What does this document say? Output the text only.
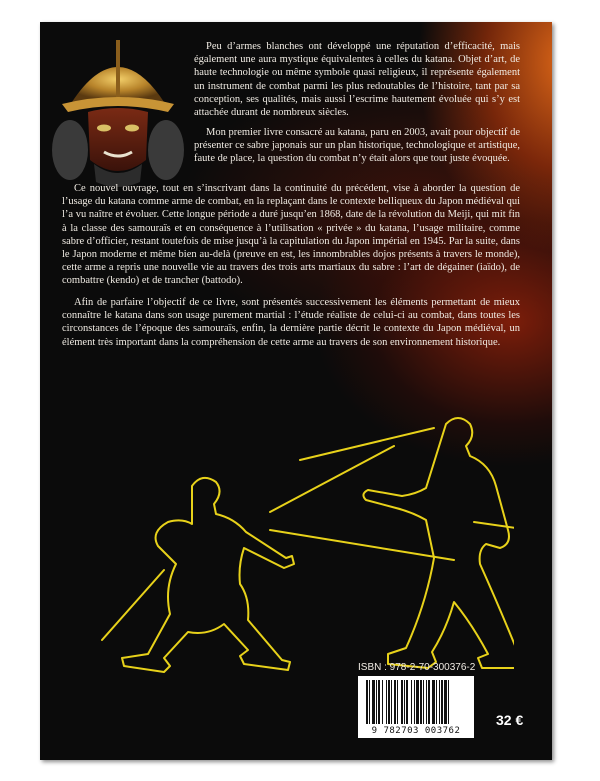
Peu d’armes blanches ont développé une réputation d’efficacité, mais également une aura mystique équivalentes à celles du katana. Objet d’art, de haute technologie ou même symbole quasi religieux, il représente également un instrument de combat parmi les plus redoutables de l’histoire, tant par sa conception, ses qualités, mais aussi l’escrime hautement évoluée qui s’y est attachée durant de nombreux siècles.

Mon premier livre consacré au katana, paru en 2003, avait pour objectif de présenter ce sabre japonais sur un plan historique, technologique et artistique, faute de place, la question du combat n’y était alors que tout juste évoquée.

Ce nouvel ouvrage, tout en s’inscrivant dans la continuité du précédent, vise à aborder la question de l’usage du katana comme arme de combat, en la replaçant dans le contexte belliqueux du Japon médiéval qui l’a vu naître et évoluer. Cette longue période a duré jusqu’en 1868, date de la révolution du Meiji, qui mit fin à la classe des samouraïs et en conséquence à l’utilisation « privée » du katana, l’usage militaire, comme sabre d’officier, restant toutefois de mise jusqu’à la capitulation du Japon impérial en 1945. Par la suite, dans le Japon moderne et même bien au-delà (preuve en est, les innombrables dojos présents à travers le monde), cette arme a repris une nouvelle vie au travers des trois arts martiaux du sabre : l’art de dégainer (iaïdo), de combattre (kendo) et de trancher (battodo).

Afin de parfaire l’objectif de ce livre, sont présentés successivement les éléments permettant de mieux connaître le katana dans son usage purement martial : l’étude réaliste de celui-ci au combat, dans toutes les circonstances de l’époque des samouraïs, enfin, la dernière partie décrit le contexte du Japon médiéval, un élément très important dans la compréhension de cette arme au travers de son environnement historique.

ISBN : 978-2-70-300376-2
9 782703 003762
32 €
